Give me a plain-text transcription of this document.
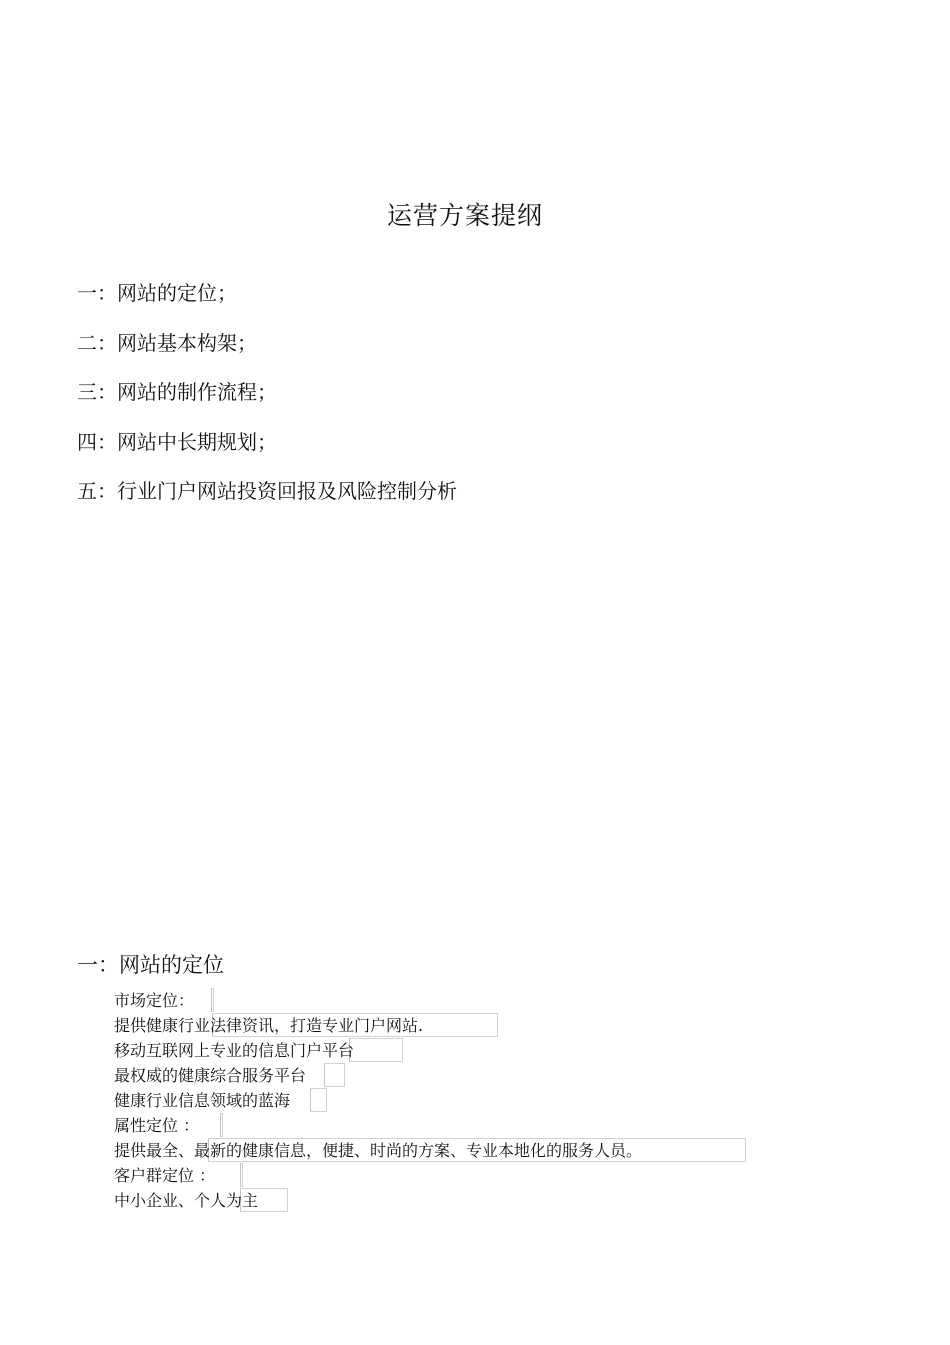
运营方案提纲
一：网站的定位；
二：网站基本构架；
三：网站的制作流程；
四：网站中长期规划；
五：行业门户网站投资回报及风险控制分析
一：网站的定位
市场定位：
提供健康行业法律资讯，打造专业门户网站.
移动互联网上专业的信息门户平台
最权威的健康综合服务平台
健康行业信息领域的蓝海
属性定位 ：
提供最全、最新的健康信息，便捷、时尚的方案、专业本地化的服务人员。
客户群定位 ：
中小企业、个人为主
